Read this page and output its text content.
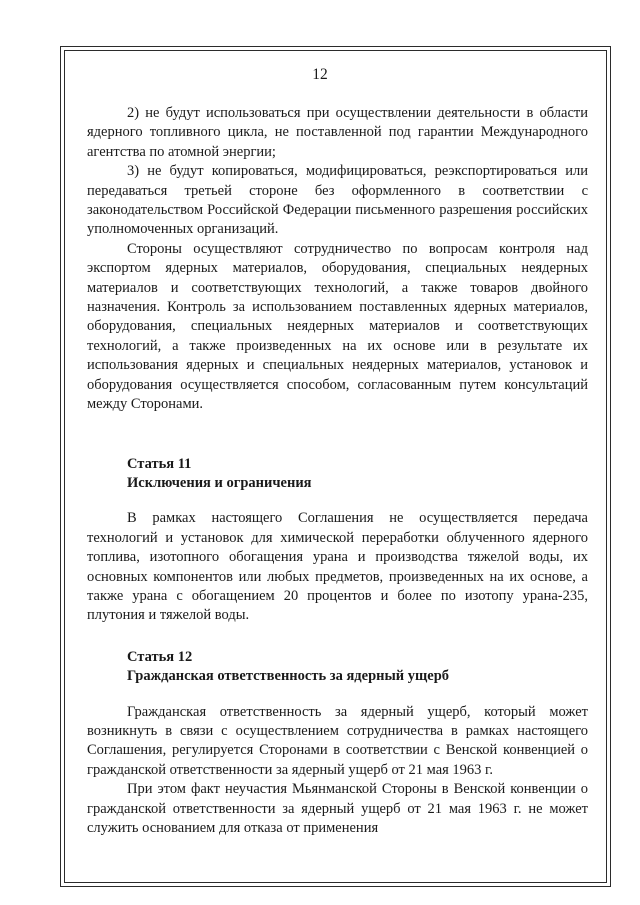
12

2) не будут использоваться при осуществлении деятельности в области ядерного топливного цикла, не поставленной под гарантии Международного агентства по атомной энергии;

3) не будут копироваться, модифицироваться, реэкспортироваться или передаваться третьей стороне без оформленного в соответствии с законодательством Российской Федерации письменного разрешения российских уполномоченных организаций.

Стороны осуществляют сотрудничество по вопросам контроля над экспортом ядерных материалов, оборудования, специальных неядерных материалов и соответствующих технологий, а также товаров двойного назначения. Контроль за использованием поставленных ядерных материалов, оборудования, специальных неядерных материалов и соответствующих технологий, а также произведенных на их основе или в результате их использования ядерных и специальных неядерных материалов, установок и оборудования осуществляется способом, согласованным путем консультаций между Сторонами.

Статья 11

Исключения и ограничения

В рамках настоящего Соглашения не осуществляется передача технологий и установок для химической переработки облученного ядерного топлива, изотопного обогащения урана и производства тяжелой воды, их основных компонентов или любых предметов, произведенных на их основе, а также урана с обогащением 20 процентов и более по изотопу урана-235, плутония и тяжелой воды.

Статья 12

Гражданская ответственность за ядерный ущерб

Гражданская ответственность за ядерный ущерб, который может возникнуть в связи с осуществлением сотрудничества в рамках настоящего Соглашения, регулируется Сторонами в соответствии с Венской конвенцией о гражданской ответственности за ядерный ущерб от 21 мая 1963 г.

При этом факт неучастия Мьянманской Стороны в Венской конвенции о гражданской ответственности за ядерный ущерб от 21 мая 1963 г. не может служить основанием для отказа от применения
